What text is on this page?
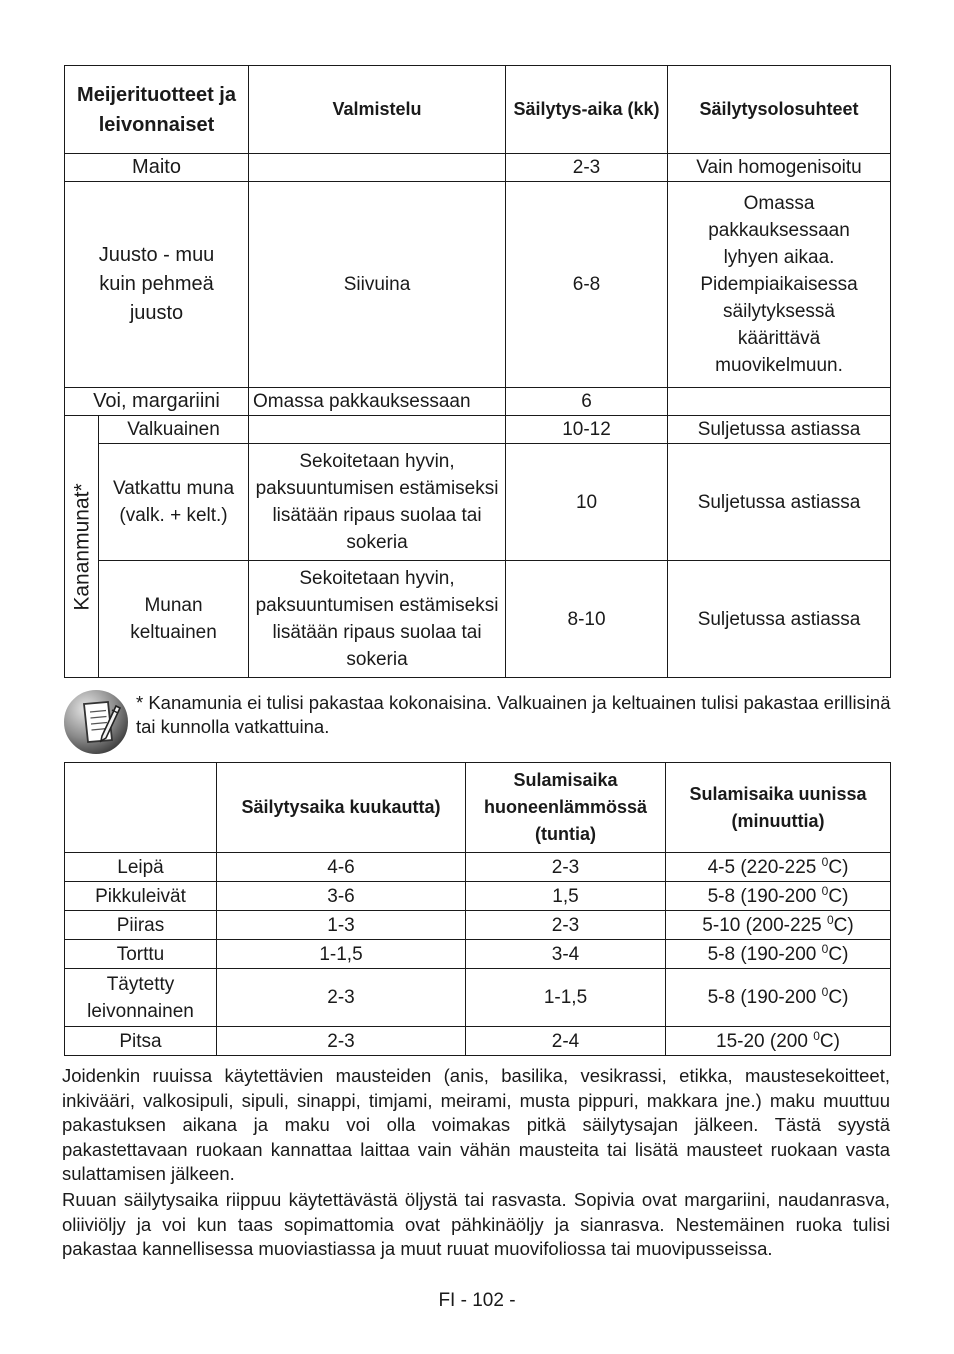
Meijerituotteet ja leivonnaiset		Valmistelu	Säilytys-aika (kk)	Säilytysolosuhteet
Maito			2-3	Vain homogenisoitu
Juusto - muu kuin pehmeä juusto		Siivuina	6-8	Omassa pakkauksessaan lyhyen aikaa. Pidempiaikaisessa säilytyksessä käärittävä muovikelmuun.
Voi, margariini		Omassa pakkauksessaan	6	

Kananmunat*	Valkuainen		10-12	Suljetussa astiassa
	Vatkattu muna (valk. + kelt.)	Sekoitetaan hyvin, paksuuntumisen estämiseksi lisätään ripaus suolaa tai sokeria	10	Suljetussa astiassa
	Munan keltuainen	Sekoitetaan hyvin, paksuuntumisen estämiseksi lisätään ripaus suolaa tai sokeria	8-10	Suljetussa astiassa
* Kanamunia ei tulisi pakastaa kokonaisina. Valkuainen ja keltuainen tulisi pakastaa erillisinä tai kunnolla vatkattuina.
	Säilytysaika kuukautta)	Sulamisaika huoneenlämmössä (tuntia)	Sulamisaika uunissa (minuuttia)
Leipä	4-6	2-3	4-5 (220-225 $^0$C)
Pikkuleivät	3-6	1,5	5-8 (190-200 $^0$C)
Piiras	1-3	2-3	5-10 (200-225 $^0$C)
Torttu	1-1,5	3-4	5-8 (190-200 $^0$C)
Täytetty leivonnainen	2-3	1-1,5	5-8 (190-200 $^0$C)
Pitsa	2-3	2-4	15-20 (200 $^0$C)
Joidenkin ruuissa käytettävien mausteiden (anis, basilika, vesikrassi, etikka, maustesekoitteet, inkivääri, valkosipuli, sipuli, sinappi, timjami, meirami, musta pippuri, makkara jne.) maku muuttuu pakastuksen aikana ja maku voi olla voimakas pitkä säilytysajan jälkeen. Tästä syystä pakastettavaan ruokaan kannattaa laittaa vain vähän mausteita tai lisätä mausteet ruokaan vasta sulattamisen jälkeen.
Ruuan säilytysaika riippuu käytettävästä öljystä tai rasvasta. Sopivia ovat margariini, naudanrasva, oliiviöljy ja voi kun taas sopimattomia ovat pähkinäöljy ja sianrasva. Nestemäinen ruoka tulisi pakastaa kannellisessa muoviastiassa ja muut ruuat muovifoliossa tai muovipusseissa.
FI - 102 -
